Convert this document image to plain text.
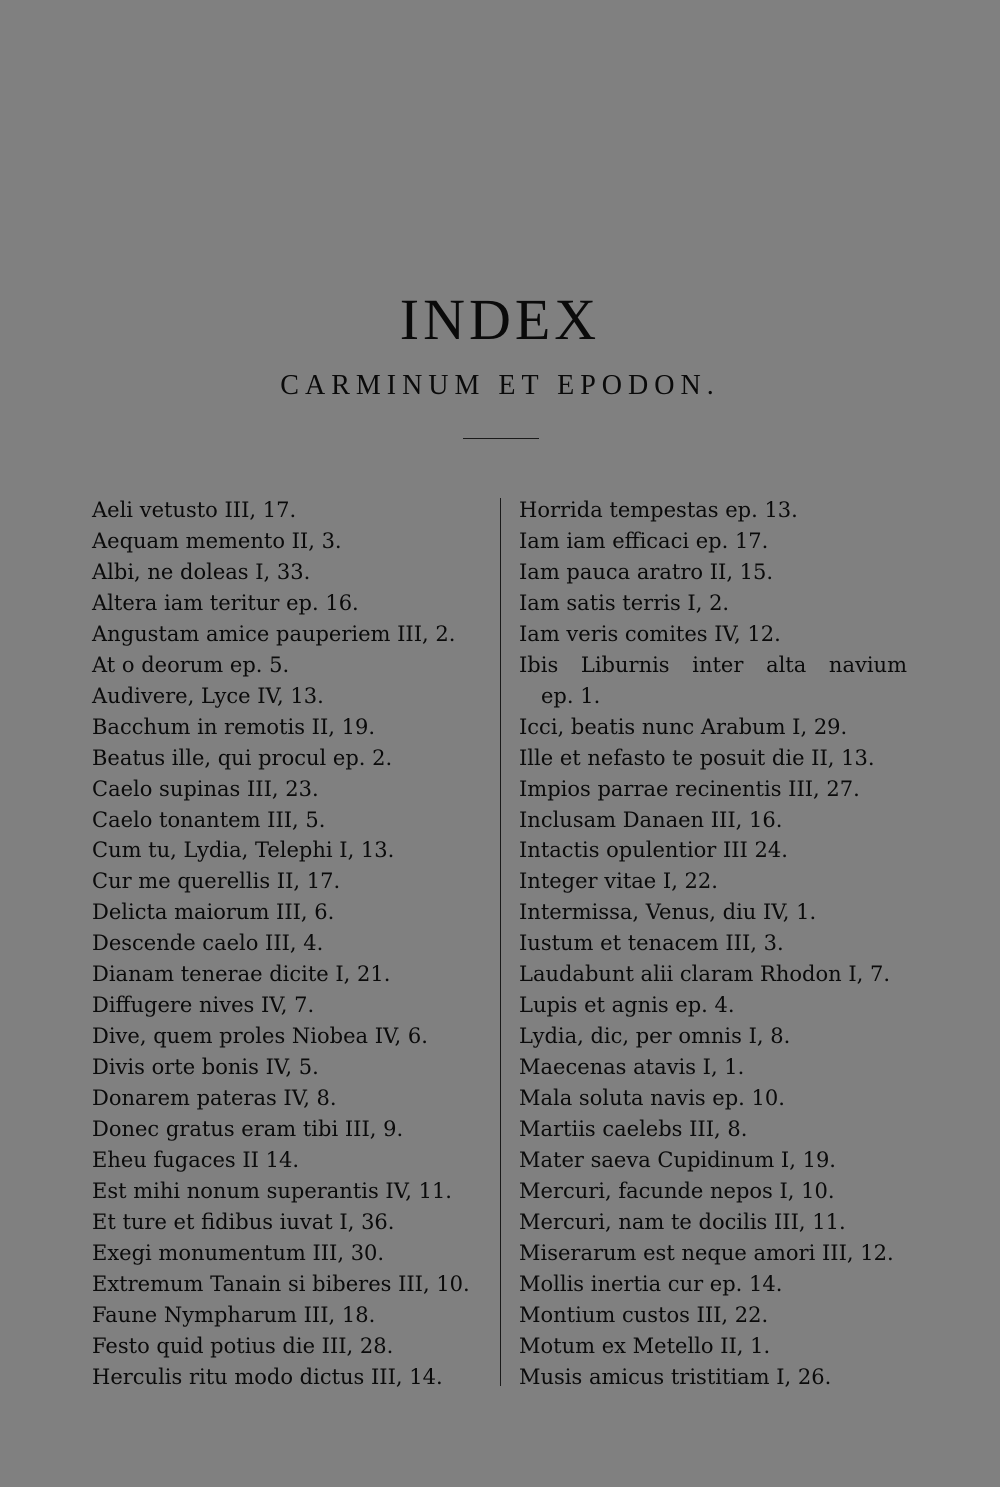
INDEX
CARMINUM ET EPODON.
Aeli vetusto III, 17.
Aequam memento II, 3.
Albi, ne doleas I, 33.
Altera iam teritur ep. 16.
Angustam amice pauperiem III, 2.
At o deorum ep. 5.
Audivere, Lyce IV, 13.
Bacchum in remotis II, 19.
Beatus ille, qui procul ep. 2.
Caelo supinas III, 23.
Caelo tonantem III, 5.
Cum tu, Lydia, Telephi I, 13.
Cur me querellis II, 17.
Delicta maiorum III, 6.
Descende caelo III, 4.
Dianam tenerae dicite I, 21.
Diffugere nives IV, 7.
Dive, quem proles Niobea IV, 6.
Divis orte bonis IV, 5.
Donarem pateras IV, 8.
Donec gratus eram tibi III, 9.
Eheu fugaces II 14.
Est mihi nonum superantis IV, 11.
Et ture et fidibus iuvat I, 36.
Exegi monumentum III, 30.
Extremum Tanain si biberes III, 10.
Faune Nympharum III, 18.
Festo quid potius die III, 28.
Herculis ritu modo dictus III, 14.
Horrida tempestas ep. 13.
Iam iam efficaci ep. 17.
Iam pauca aratro II, 15.
Iam satis terris I, 2.
Iam veris comites IV, 12.
Ibis Liburnis inter alta navium
ep. 1.
Icci, beatis nunc Arabum I, 29.
Ille et nefasto te posuit die II, 13.
Impios parrae recinentis III, 27.
Inclusam Danaen III, 16.
Intactis opulentior III 24.
Integer vitae I, 22.
Intermissa, Venus, diu IV, 1.
Iustum et tenacem III, 3.
Laudabunt alii claram Rhodon I, 7.
Lupis et agnis ep. 4.
Lydia, dic, per omnis I, 8.
Maecenas atavis I, 1.
Mala soluta navis ep. 10.
Martiis caelebs III, 8.
Mater saeva Cupidinum I, 19.
Mercuri, facunde nepos I, 10.
Mercuri, nam te docilis III, 11.
Miserarum est neque amori III, 12.
Mollis inertia cur ep. 14.
Montium custos III, 22.
Motum ex Metello II, 1.
Musis amicus tristitiam I, 26.
